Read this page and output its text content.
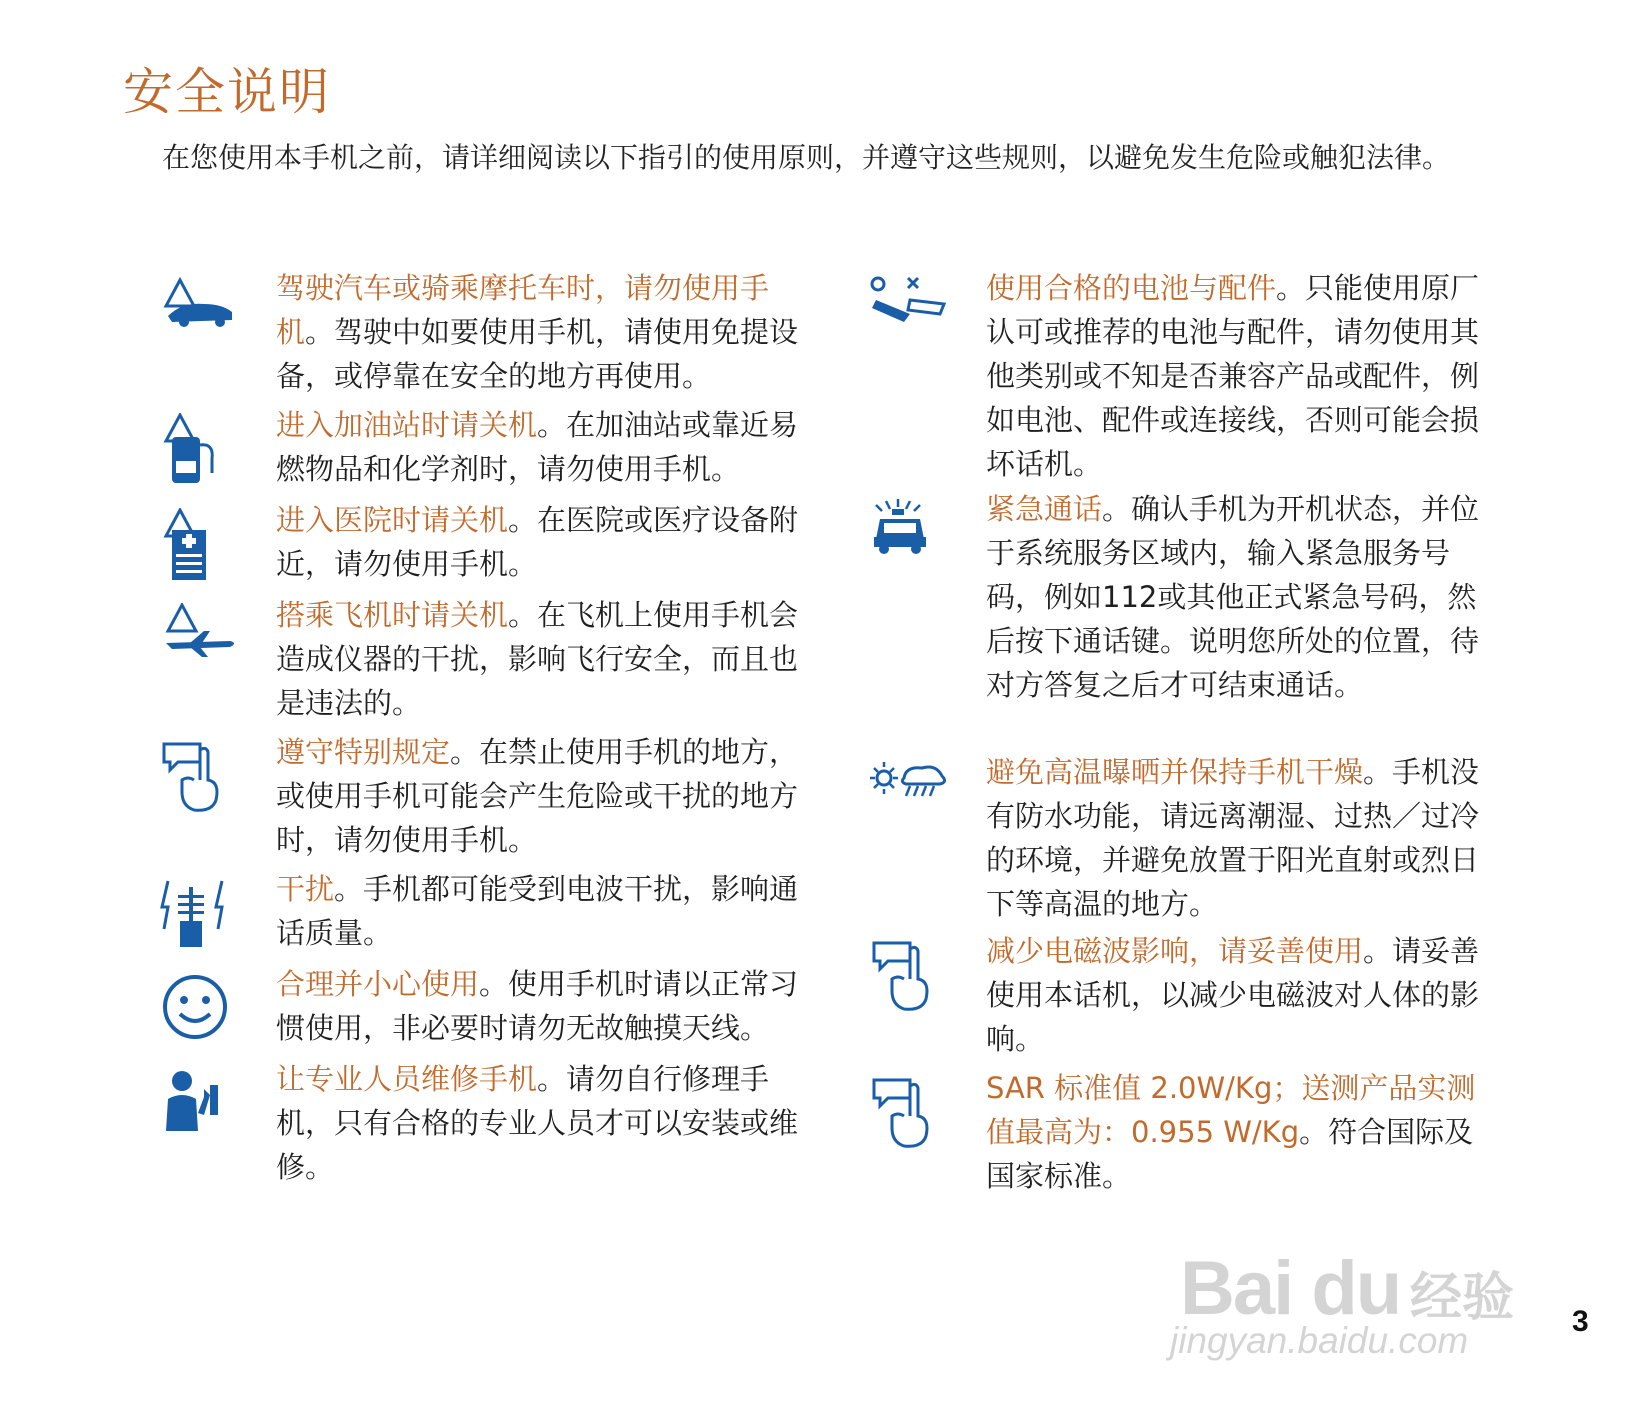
安全说明

在您使用本手机之前，请详细阅读以下指引的使用原则，并遵守这些规则，以避免发生危险或触犯法律。

驾驶汽车或骑乘摩托车时，请勿使用手机。驾驶中如要使用手机，请使用免提设备，或停靠在安全的地方再使用。
进入加油站时请关机。在加油站或靠近易燃物品和化学剂时，请勿使用手机。
进入医院时请关机。在医院或医疗设备附近，请勿使用手机。
搭乘飞机时请关机。在飞机上使用手机会造成仪器的干扰，影响飞行安全，而且也是违法的。
遵守特别规定。在禁止使用手机的地方，或使用手机可能会产生危险或干扰的地方时，请勿使用手机。
干扰。手机都可能受到电波干扰，影响通话质量。
合理并小心使用。使用手机时请以正常习惯使用，非必要时请勿无故触摸天线。
让专业人员维修手机。请勿自行修理手机，只有合格的专业人员才可以安装或维修。
使用合格的电池与配件。只能使用原厂认可或推荐的电池与配件，请勿使用其他类别或不知是否兼容产品或配件，例如电池、配件或连接线，否则可能会损坏话机。
紧急通话。确认手机为开机状态，并位于系统服务区域内，输入紧急服务号码，例如112或其他正式紧急号码，然后按下通话键。说明您所处的位置，待对方答复之后才可结束通话。
避免高温曝晒并保持手机干燥。手机没有防水功能，请远离潮湿、过热／过冷的环境，并避免放置于阳光直射或烈日下等高温的地方。
减少电磁波影响，请妥善使用。请妥善使用本话机，以减少电磁波对人体的影响。
SAR 标准值 2.0W/Kg；送测产品实测值最高为：0.955 W/Kg。符合国际及国家标准。
Bai du 经验
jingyan.baidu.com	3
